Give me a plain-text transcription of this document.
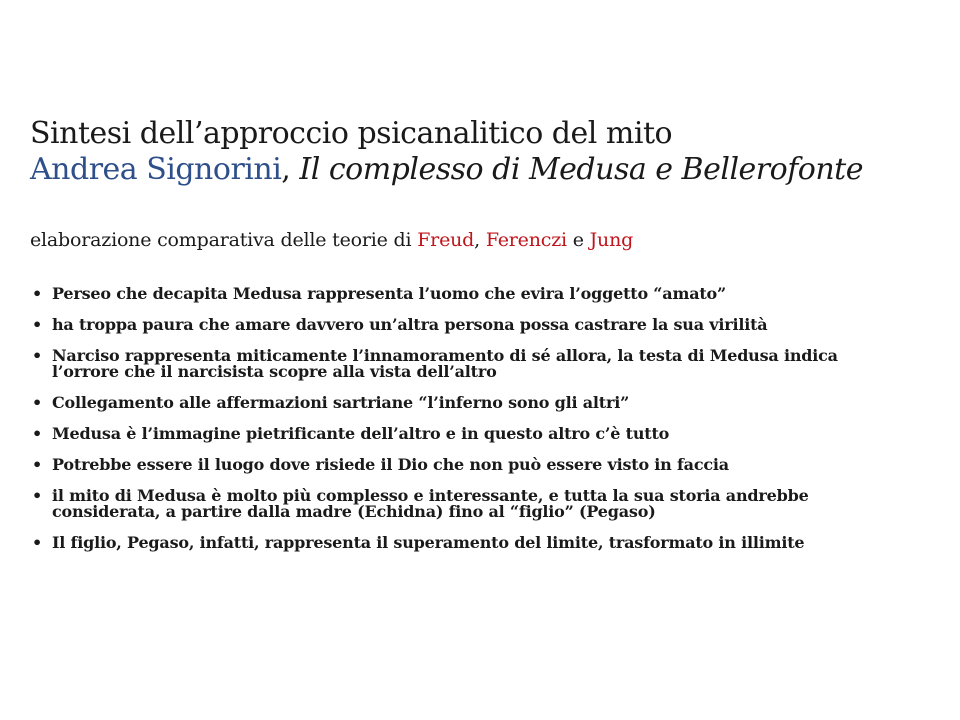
Sintesi dell’approccio psicanalitico del mito
Andrea Signorini, Il complesso di Medusa e Bellerofonte
elaborazione comparativa delle teorie di Freud, Ferenczi e Jung
• Perseo che decapita Medusa rappresenta l’uomo che evira l’oggetto “amato”
• ha troppa paura che amare davvero un’altra persona possa castrare la sua virilità
• Narciso rappresenta miticamente l’innamoramento di sé allora, la testa di Medusa indica l’orrore che il narcisista scopre alla vista dell’altro
• Collegamento alle affermazioni sartriane “l’inferno sono gli altri”
• Medusa è l’immagine pietrificante dell’altro e in questo altro c’è tutto
• Potrebbe essere il luogo dove risiede il Dio che non può essere visto in faccia
• il mito di Medusa è molto più complesso e interessante, e tutta la sua storia andrebbe considerata, a partire dalla madre (Echidna) fino al “figlio” (Pegaso)
• Il figlio, Pegaso, infatti, rappresenta il superamento del limite, trasformato in illimite
